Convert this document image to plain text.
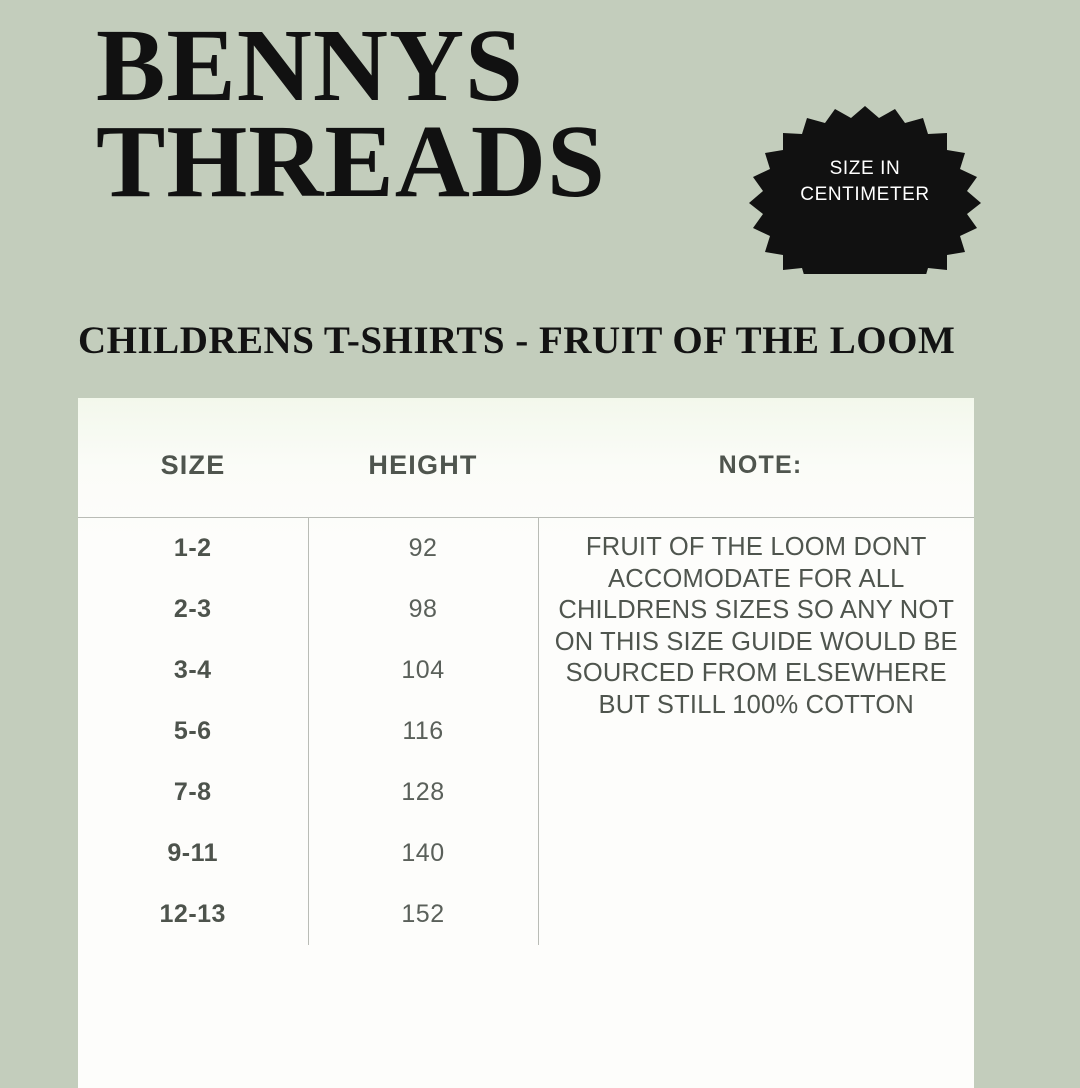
BENNYS
THREADS
CHILDRENS T-SHIRTS - FRUIT OF THE LOOM
SIZE IN
CENTIMETER
SIZE	HEIGHT	NOTE:

1-2	92	FRUIT OF THE LOOM DONT ACCOMODATE FOR ALL CHILDRENS SIZES SO ANY NOT ON THIS SIZE GUIDE WOULD BE SOURCED FROM ELSEWHERE BUT STILL 100% COTTON
2-3	98	
3-4	104	
5-6	116	
7-8	128	
9-11	140	
12-13	152	
